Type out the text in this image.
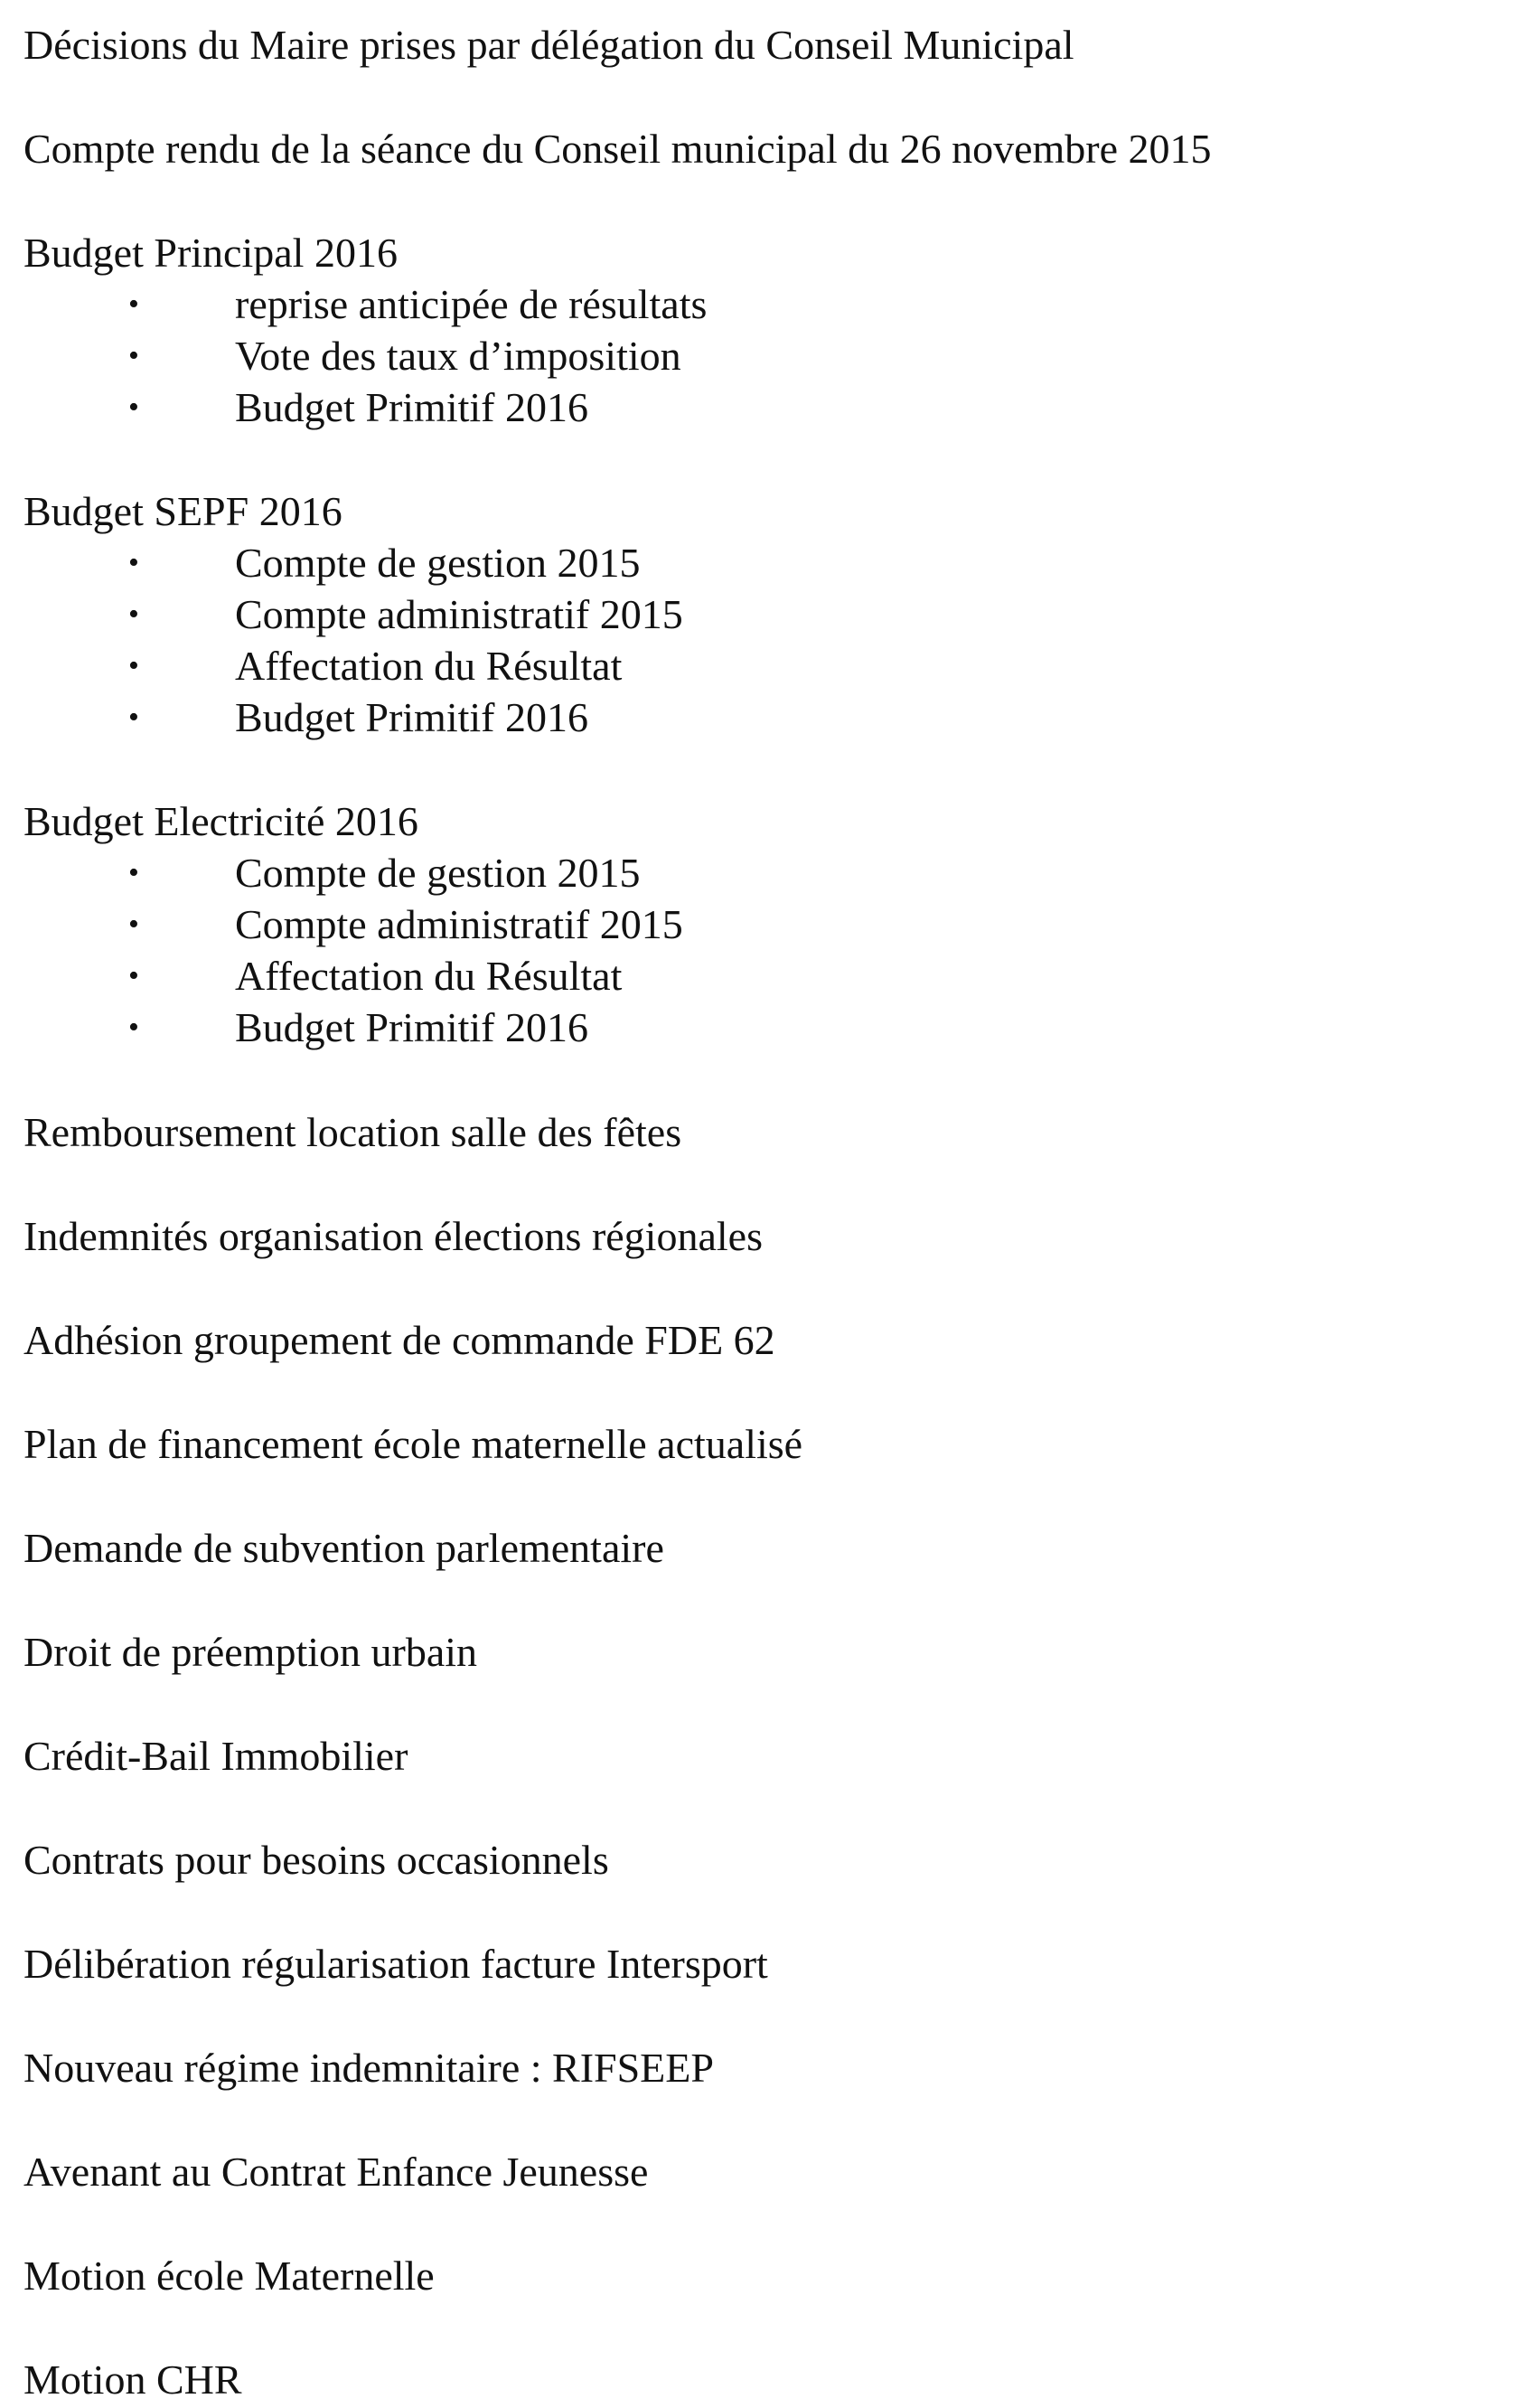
Décisions du Maire prises par délégation du Conseil Municipal
Compte rendu de la séance du Conseil municipal du 26 novembre 2015
Budget Principal 2016
• reprise anticipée de résultats
• Vote des taux d’imposition
• Budget Primitif 2016
Budget SEPF 2016
• Compte de gestion 2015
• Compte administratif 2015
• Affectation du Résultat
• Budget Primitif 2016
Budget Electricité 2016
• Compte de gestion 2015
• Compte administratif 2015
• Affectation du Résultat
• Budget Primitif 2016
Remboursement location salle des fêtes
Indemnités organisation élections régionales
Adhésion groupement de commande FDE 62
Plan de financement école maternelle actualisé
Demande de subvention parlementaire
Droit de préemption urbain
Crédit-Bail Immobilier
Contrats pour besoins occasionnels
Délibération régularisation facture Intersport
Nouveau régime indemnitaire : RIFSEEP
Avenant au Contrat Enfance Jeunesse
Motion école Maternelle
Motion CHR
